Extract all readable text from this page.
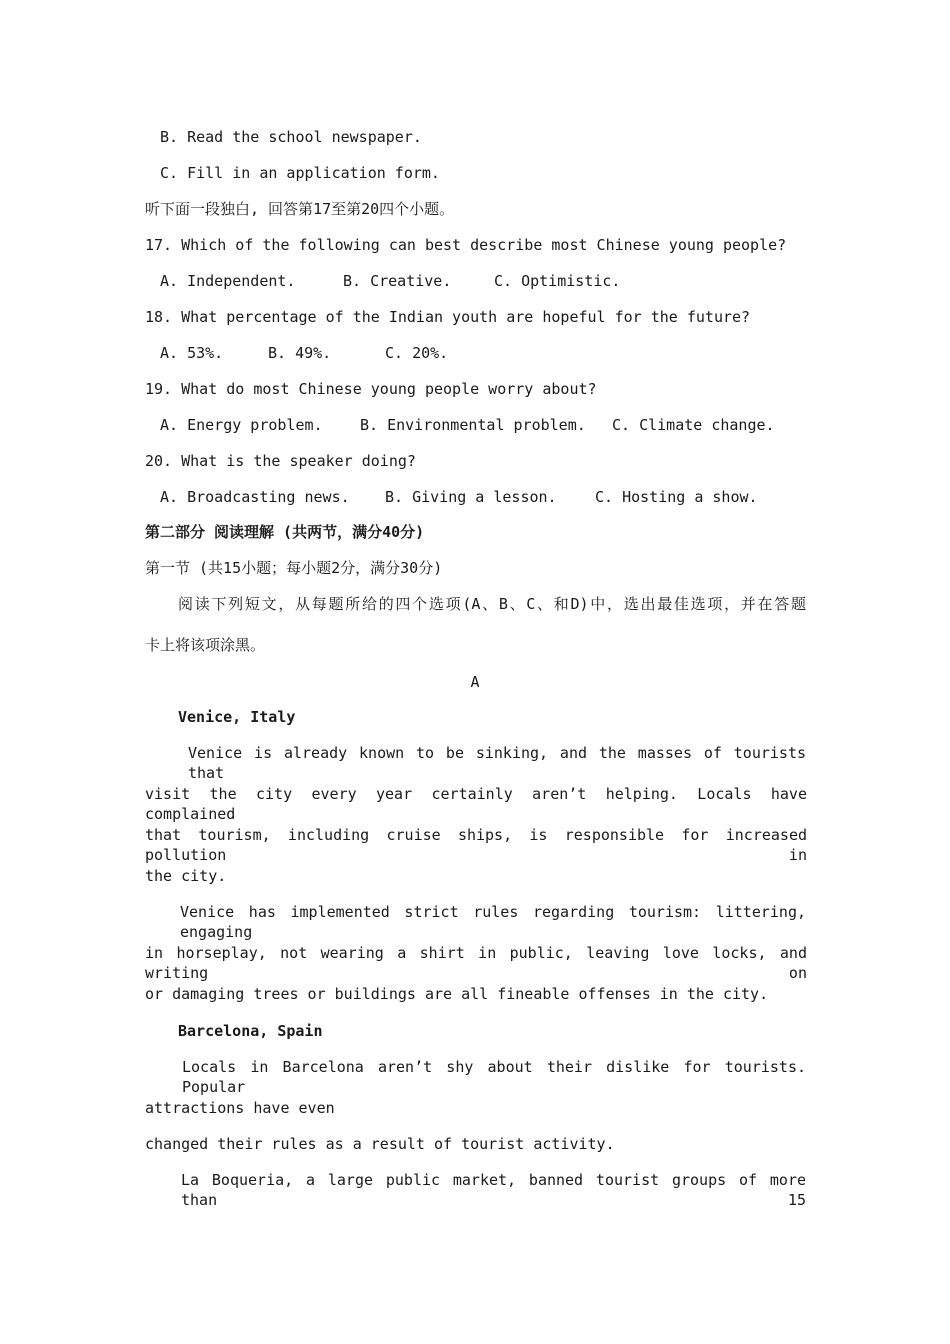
B. Read the school newspaper.
C. Fill in an application form.
听下面一段独白, 回答第17至第20四个小题。
17. Which of the following can best describe most Chinese young people?
A. Independent.	B. Creative.	C. Optimistic.
18. What percentage of the Indian youth are hopeful for the future?
A. 53%.	B. 49%.	C. 20%.
19. What do most Chinese young people worry about?
A. Energy problem.	B. Environmental problem.	C. Climate change.
20. What is the speaker doing?
A. Broadcasting news.	B. Giving a lesson.	C. Hosting a show.
第二部分 阅读理解 (共两节，满分40分)
第一节 (共15小题；每小题2分，满分30分)
阅读下列短文，从每题所给的四个选项(A、B、C、和D)中，选出最佳选项，并在答题
卡上将该项涂黑。
A
Venice, Italy
Venice is already known to be sinking, and the masses of tourists that
visit the city every year certainly aren’t helping. Locals have complained
that tourism, including cruise ships, is responsible for increased pollution in
the city.
Venice has implemented strict rules regarding tourism: littering, engaging
in horseplay, not wearing a shirt in public, leaving love locks, and writing on
or damaging trees or buildings are all fineable offenses in the city.
Barcelona, Spain
Locals in Barcelona aren’t shy about their dislike for tourists. Popular
attractions have even
changed their rules as a result of tourist activity.
La Boqueria, a large public market, banned tourist groups of more than 15
